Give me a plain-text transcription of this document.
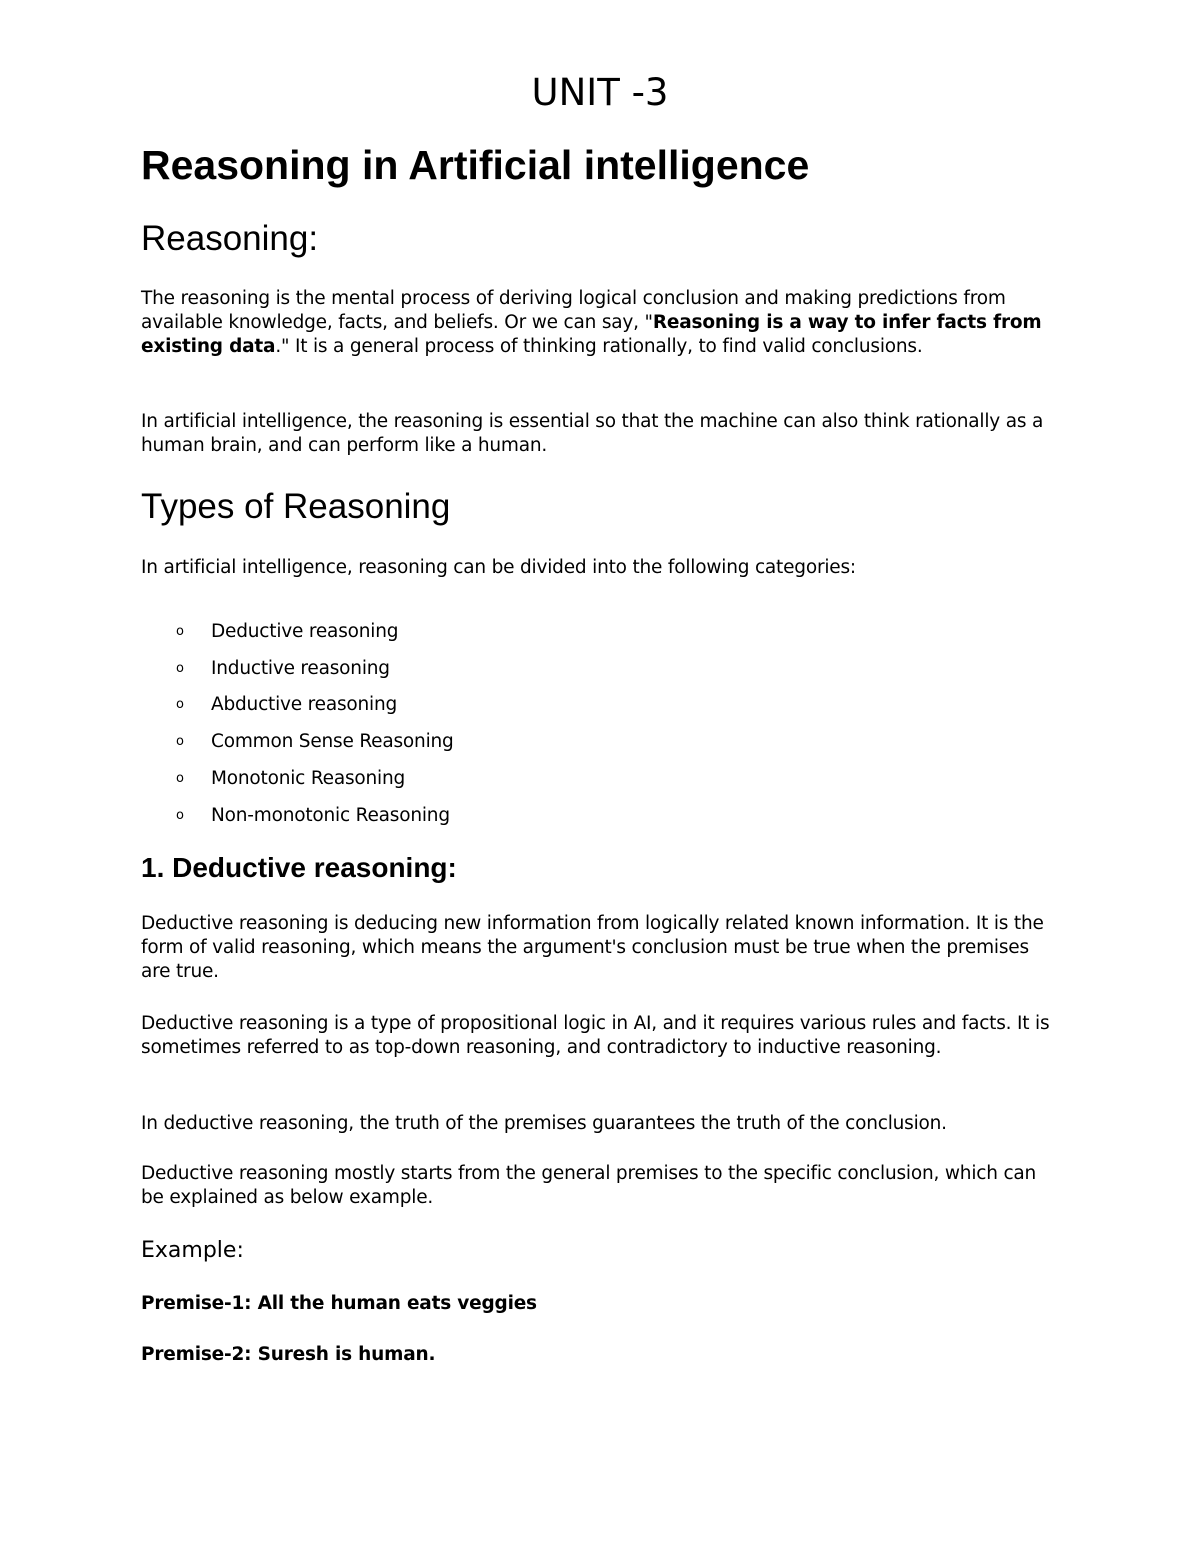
UNIT -3
Reasoning in Artificial intelligence
Reasoning:

The reasoning is the mental process of deriving logical conclusion and making predictions from available knowledge, facts, and beliefs. Or we can say, "Reasoning is a way to infer facts from existing data." It is a general process of thinking rationally, to find valid conclusions.

In artificial intelligence, the reasoning is essential so that the machine can also think rationally as a human brain, and can perform like a human.

Types of Reasoning

In artificial intelligence, reasoning can be divided into the following categories:

o	Deductive reasoning
o	Inductive reasoning
o	Abductive reasoning
o	Common Sense Reasoning
o	Monotonic Reasoning
o	Non-monotonic Reasoning
1. Deductive reasoning:

Deductive reasoning is deducing new information from logically related known information. It is the form of valid reasoning, which means the argument's conclusion must be true when the premises are true.

Deductive reasoning is a type of propositional logic in AI, and it requires various rules and facts. It is sometimes referred to as top-down reasoning, and contradictory to inductive reasoning.

In deductive reasoning, the truth of the premises guarantees the truth of the conclusion.

Deductive reasoning mostly starts from the general premises to the specific conclusion, which can be explained as below example.

Example:

Premise-1: All the human eats veggies

Premise-2: Suresh is human.
